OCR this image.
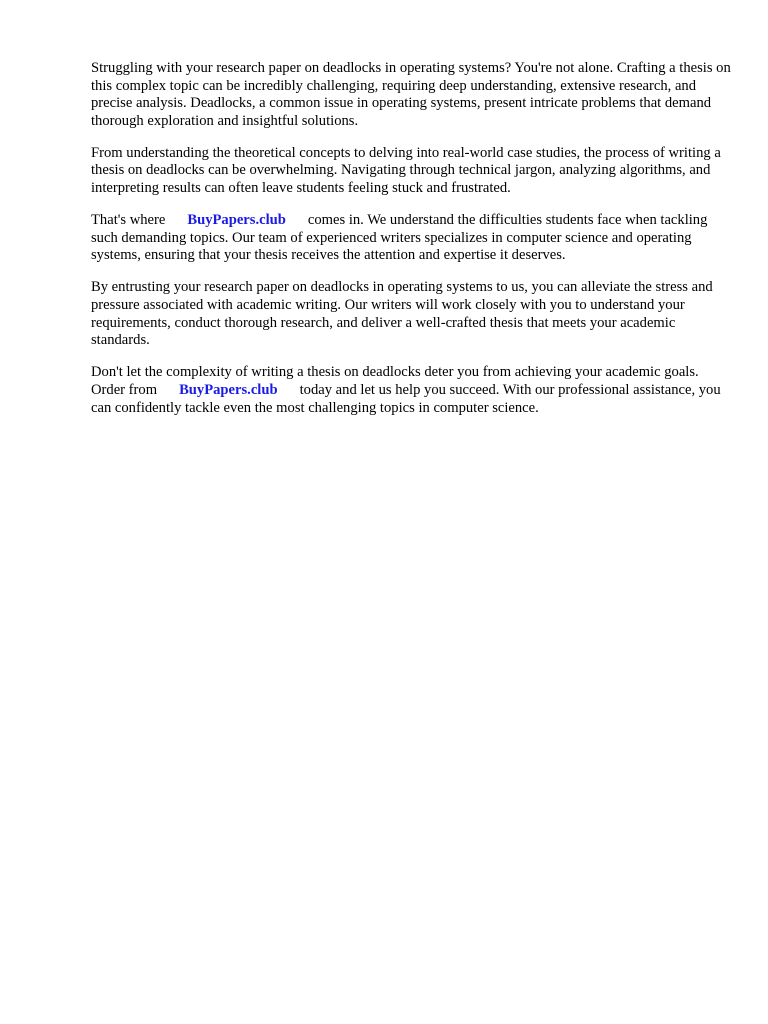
Struggling with your research paper on deadlocks in operating systems? You're not alone. Crafting a thesis on this complex topic can be incredibly challenging, requiring deep understanding, extensive research, and precise analysis. Deadlocks, a common issue in operating systems, present intricate problems that demand thorough exploration and insightful solutions.

From understanding the theoretical concepts to delving into real-world case studies, the process of writing a thesis on deadlocks can be overwhelming. Navigating through technical jargon, analyzing algorithms, and interpreting results can often leave students feeling stuck and frustrated.

That's where BuyPapers.club comes in. We understand the difficulties students face when tackling such demanding topics. Our team of experienced writers specializes in computer science and operating systems, ensuring that your thesis receives the attention and expertise it deserves.

By entrusting your research paper on deadlocks in operating systems to us, you can alleviate the stress and pressure associated with academic writing. Our writers will work closely with you to understand your requirements, conduct thorough research, and deliver a well-crafted thesis that meets your academic standards.

Don't let the complexity of writing a thesis on deadlocks deter you from achieving your academic goals. Order from BuyPapers.club today and let us help you succeed. With our professional assistance, you can confidently tackle even the most challenging topics in computer science.
